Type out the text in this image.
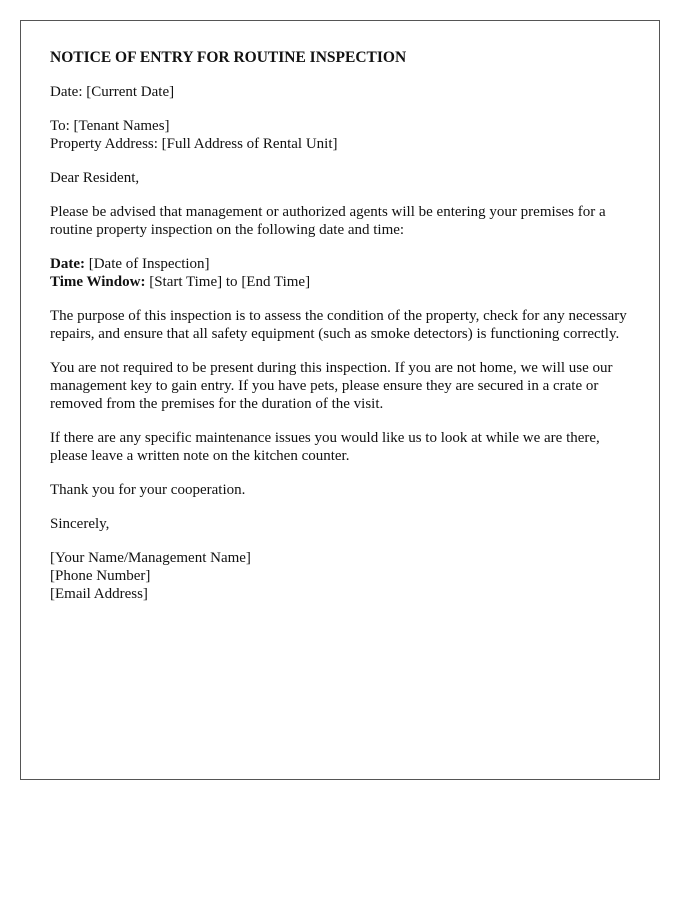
NOTICE OF ENTRY FOR ROUTINE INSPECTION

Date: [Current Date]

To: [Tenant Names]
Property Address: [Full Address of Rental Unit]

Dear Resident,

Please be advised that management or authorized agents will be entering your premises for a routine property inspection on the following date and time:

Date: [Date of Inspection]
Time Window: [Start Time] to [End Time]

The purpose of this inspection is to assess the condition of the property, check for any necessary repairs, and ensure that all safety equipment (such as smoke detectors) is functioning correctly.

You are not required to be present during this inspection. If you are not home, we will use our management key to gain entry. If you have pets, please ensure they are secured in a crate or removed from the premises for the duration of the visit.

If there are any specific maintenance issues you would like us to look at while we are there, please leave a written note on the kitchen counter.

Thank you for your cooperation.

Sincerely,

[Your Name/Management Name]
[Phone Number]
[Email Address]
